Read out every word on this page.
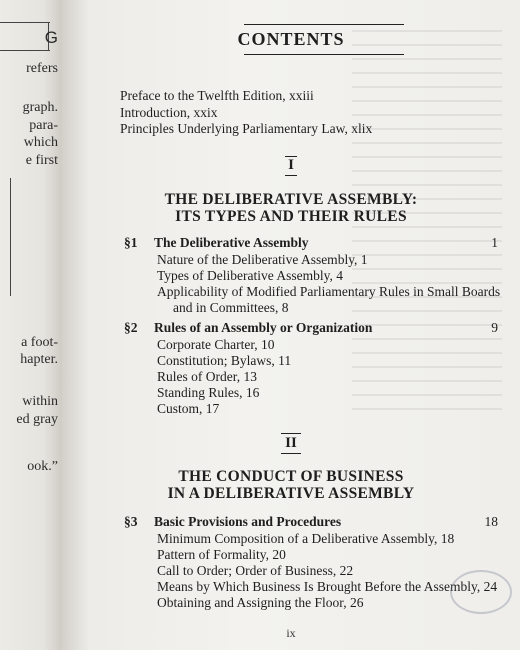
G
refers
graph.
para-
which
e first
a foot-
hapter.
within
ed gray
ook.”
CONTENTS
Preface to the Twelfth Edition, xxiii
Introduction, xxix
Principles Underlying Parliamentary Law, xlix
I
THE DELIBERATIVE ASSEMBLY:
ITS TYPES AND THEIR RULES
§1 The Deliberative Assembly	1
Nature of the Deliberative Assembly, 1
Types of Deliberative Assembly, 4
Applicability of Modified Parliamentary Rules in Small Boards
and in Committees, 8
§2 Rules of an Assembly or Organization	9
Corporate Charter, 10
Constitution; Bylaws, 11
Rules of Order, 13
Standing Rules, 16
Custom, 17
II
THE CONDUCT OF BUSINESS
IN A DELIBERATIVE ASSEMBLY
§3 Basic Provisions and Procedures	18
Minimum Composition of a Deliberative Assembly, 18
Pattern of Formality, 20
Call to Order; Order of Business, 22
Means by Which Business Is Brought Before the Assembly, 24
Obtaining and Assigning the Floor, 26
ix
